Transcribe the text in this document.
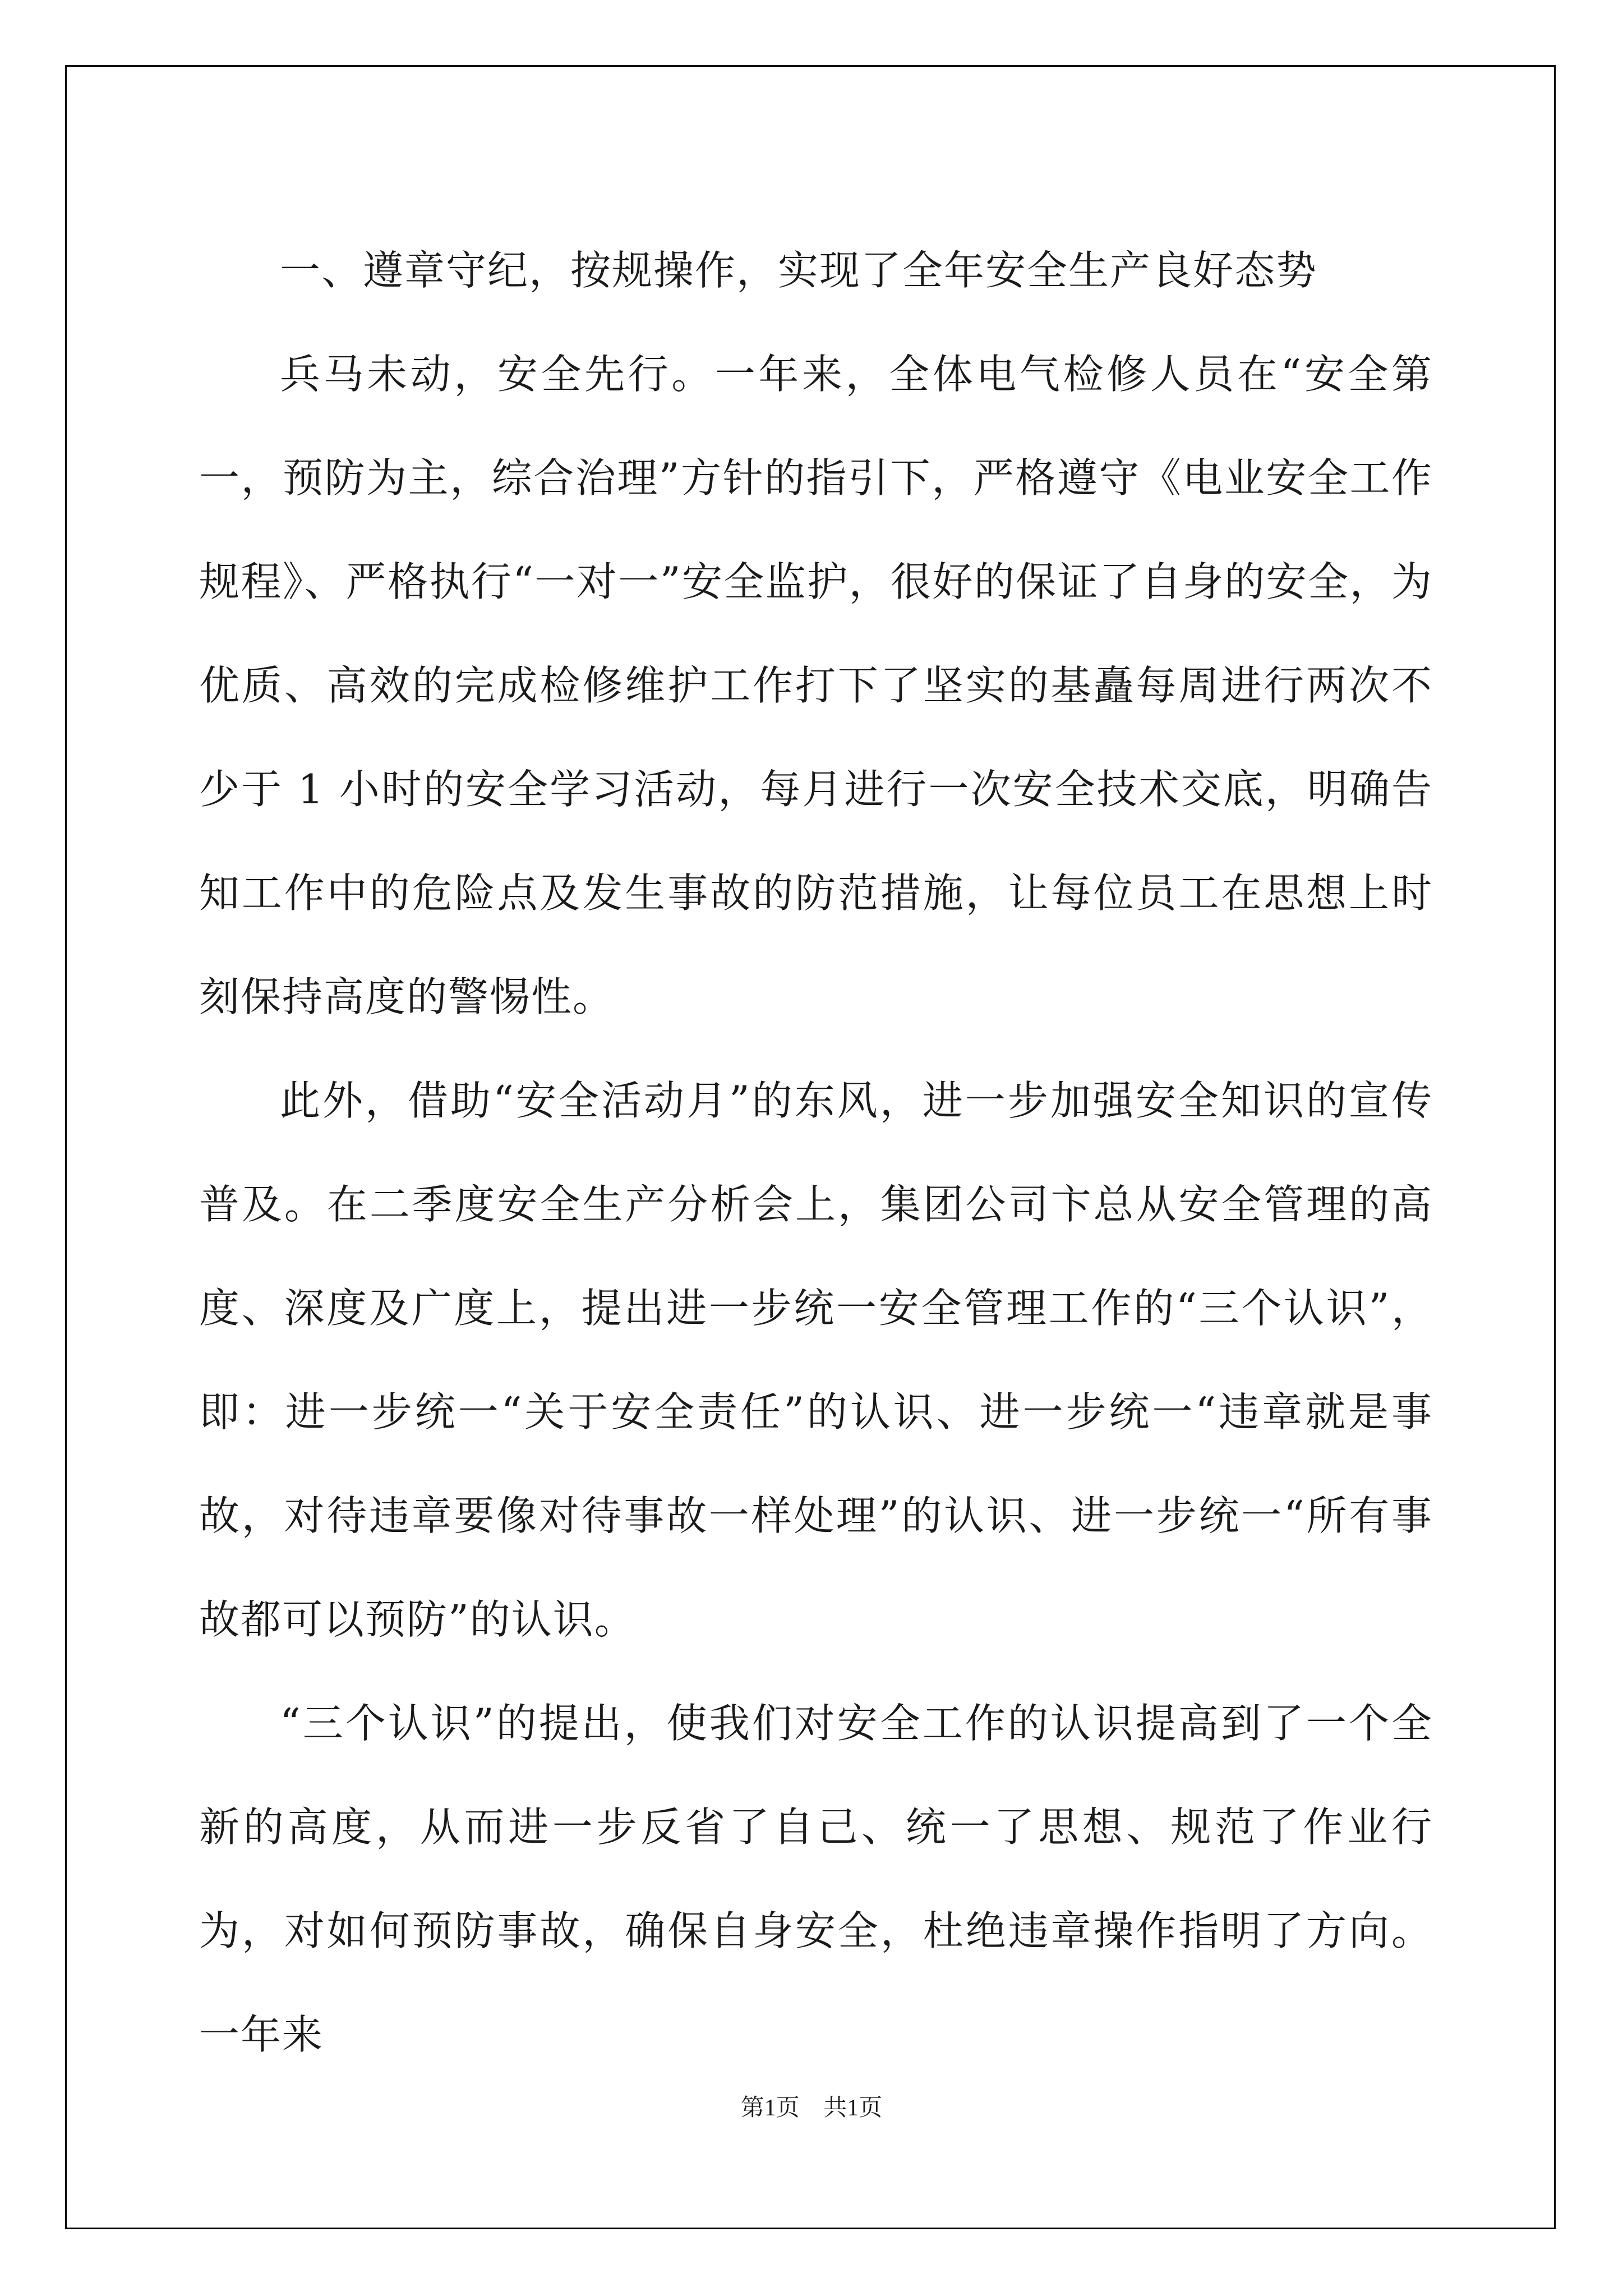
一、遵章守纪，按规操作，实现了全年安全生产良好态势

兵马未动，安全先行。一年来，全体电气检修人员在“安全第一，预防为主，综合治理”方针的指引下，严格遵守《电业安全工作规程》、严格执行“一对一”安全监护，很好的保证了自身的安全，为优质、高效的完成检修维护工作打下了坚实的基矗每周进行两次不少于 1 小时的安全学习活动，每月进行一次安全技术交底，明确告知工作中的危险点及发生事故的防范措施，让每位员工在思想上时刻保持高度的警惕性。

此外，借助“安全活动月”的东风，进一步加强安全知识的宣传普及。在二季度安全生产分析会上，集团公司卞总从安全管理的高度、深度及广度上，提出进一步统一安全管理工作的“三个认识”，即：进一步统一“关于安全责任”的认识、进一步统一“违章就是事故，对待违章要像对待事故一样处理”的认识、进一步统一“所有事故都可以预防”的认识。

“三个认识”的提出，使我们对安全工作的认识提高到了一个全新的高度，从而进一步反省了自己、统一了思想、规范了作业行为，对如何预防事故，确保自身安全，杜绝违章操作指明了方向。一年来

第1页 共1页
